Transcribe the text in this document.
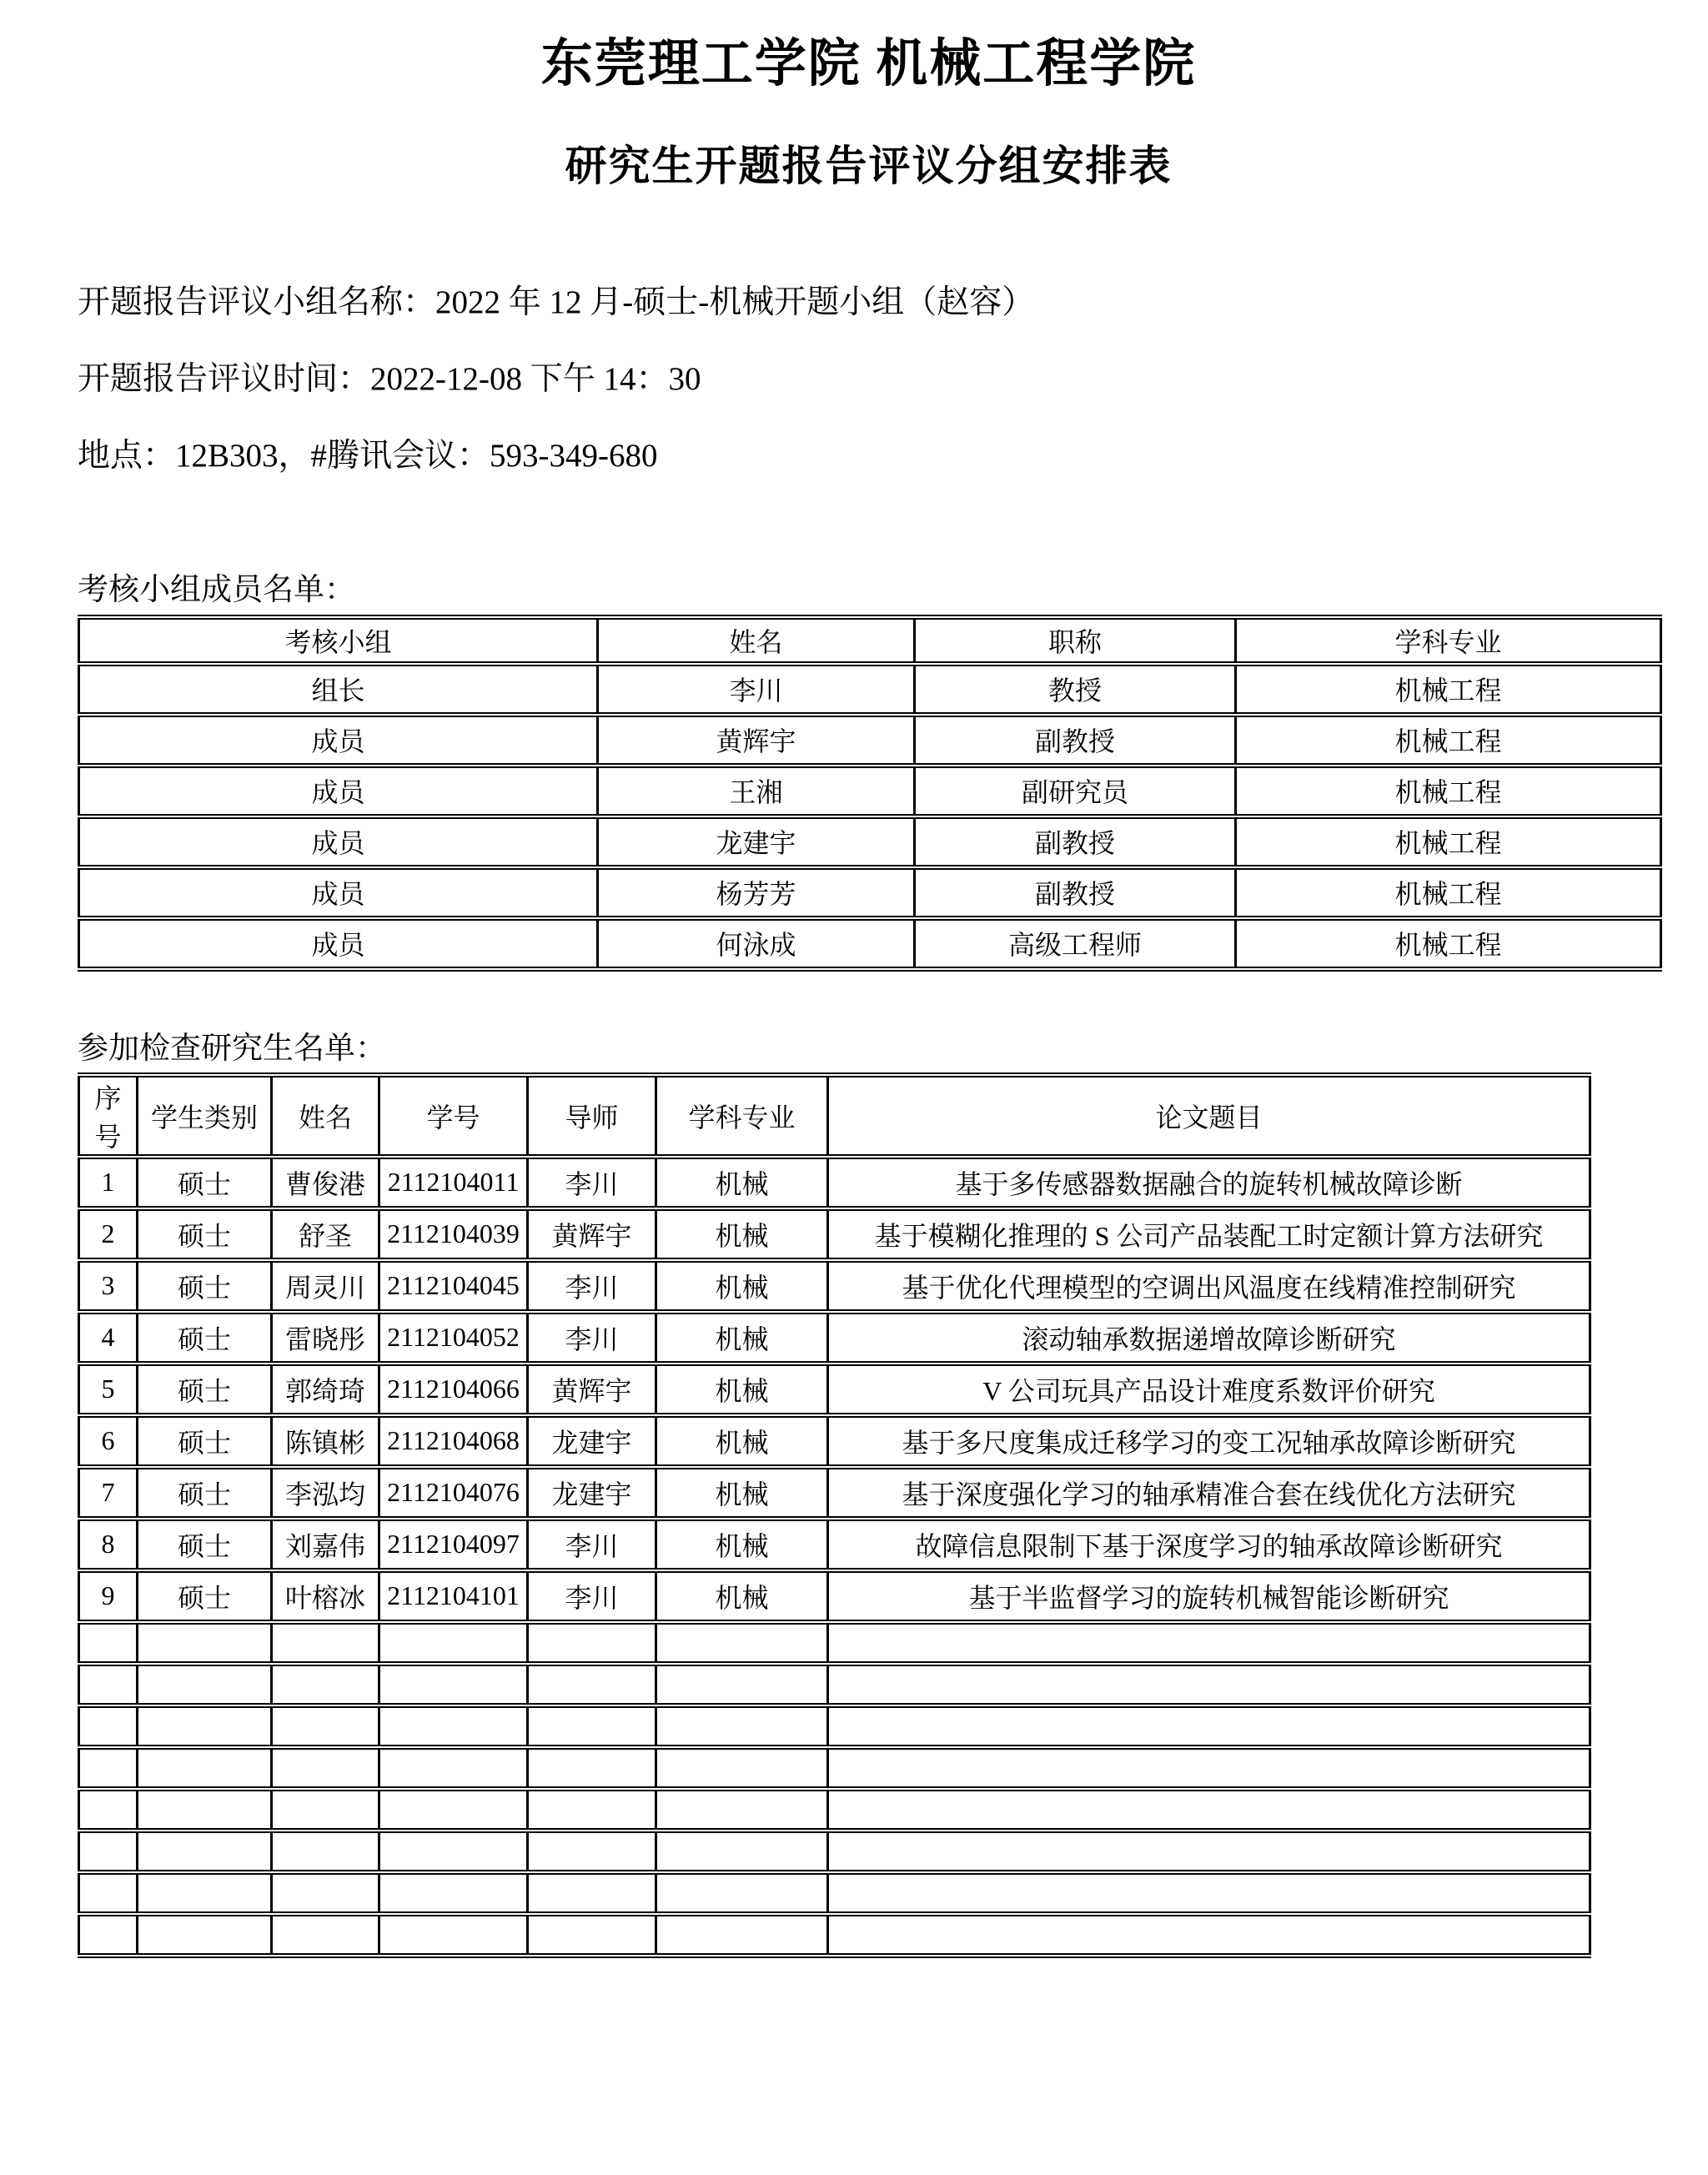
东莞理工学院 机械工程学院
研究生开题报告评议分组安排表
开题报告评议小组名称：2022 年 12 月-硕士-机械开题小组（赵容）
开题报告评议时间：2022-12-08 下午 14：30
地点：12B303，#腾讯会议：593-349-680
考核小组成员名单：
考核小组	姓名	职称	学科专业
组长	李川	教授	机械工程
成员	黄辉宇	副教授	机械工程
成员	王湘	副研究员	机械工程
成员	龙建宇	副教授	机械工程
成员	杨芳芳	副教授	机械工程
成员	何泳成	高级工程师	机械工程
参加检查研究生名单：
序号	学生类别	姓名	学号	导师	学科专业	论文题目
1	硕士	曹俊港	2112104011	李川	机械	基于多传感器数据融合的旋转机械故障诊断
2	硕士	舒圣	2112104039	黄辉宇	机械	基于模糊化推理的 S 公司产品装配工时定额计算方法研究
3	硕士	周灵川	2112104045	李川	机械	基于优化代理模型的空调出风温度在线精准控制研究
4	硕士	雷晓彤	2112104052	李川	机械	滚动轴承数据递增故障诊断研究
5	硕士	郭绮琦	2112104066	黄辉宇	机械	V 公司玩具产品设计难度系数评价研究
6	硕士	陈镇彬	2112104068	龙建宇	机械	基于多尺度集成迁移学习的变工况轴承故障诊断研究
7	硕士	李泓均	2112104076	龙建宇	机械	基于深度强化学习的轴承精准合套在线优化方法研究
8	硕士	刘嘉伟	2112104097	李川	机械	故障信息限制下基于深度学习的轴承故障诊断研究
9	硕士	叶榕冰	2112104101	李川	机械	基于半监督学习的旋转机械智能诊断研究
